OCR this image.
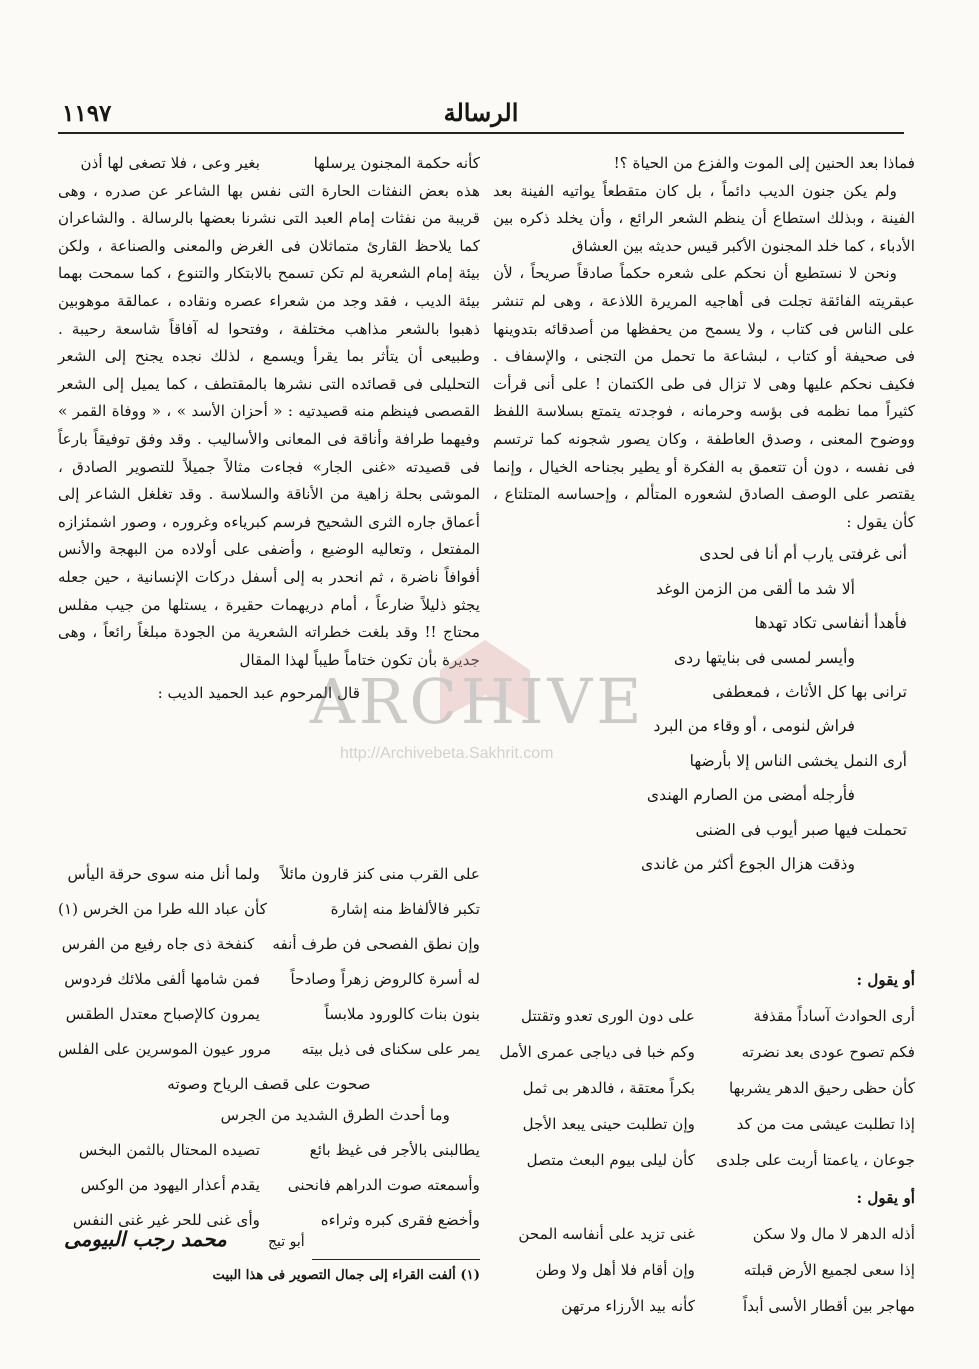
١١٩٧	الرسالة

فماذا بعد الحنين إلى الموت والفزع من الحياة ؟!

ولم يكن جنون الديب دائماً ، بل كان متقطعاً يواتيه الفينة بعد الفينة ، وبذلك استطاع أن ينظم الشعر الرائع ، وأن يخلد ذكره بين الأدباء ، كما خلد المجنون الأكبر قيس حديثه بين العشاق

ونحن لا نستطيع أن نحكم على شعره حكماً صادقاً صريحاً ، لأن عبقريته الفائقة تجلت فى أهاجيه المريرة اللاذعة ، وهى لم تنشر على الناس فى كتاب ، ولا يسمح من يحفظها من أصدقائه بتدوينها فى صحيفة أو كتاب ، لبشاعة ما تحمل من التجنى ، والإسفاف . فكيف نحكم عليها وهى لا تزال فى طى الكتمان ! على أنى قرأت كثيراً مما نظمه فى بؤسه وحرمانه ، فوجدته يتمتع بسلاسة اللفظ ووضوح المعنى ، وصدق العاطفة ، وكان يصور شجونه كما ترتسم فى نفسه ، دون أن تتعمق به الفكرة أو يطير بجناحه الخيال ، وإنما يقتصر على الوصف الصادق لشعوره المتألم ، وإحساسه المتلتاع ، كأن يقول :

أنى غرفتى يارب أم أنا فى لحدى
ألا شد ما ألقى من الزمن الوغد
فأهدأ أنفاسى تكاد تهدها
وأيسر لمسى فى بنايتها ردى
ترانى بها كل الأثاث ، فمعطفى
فراش لنومى ، أو وقاء من البرد
أرى النمل يخشى الناس إلا بأرضها
فأرجله أمضى من الصارم الهندى
تحملت فيها صبر أيوب فى الضنى
وذقت هزال الجوع أكثر من غاندى
أو يقول :
أرى الحوادث آساداً مقذفة
على دون الورى تعدو وتقتتل
فكم تصوح عودى بعد نضرته
وكم خبا فى دياجى عمرى الأمل
كأن حظى رحيق الدهر يشربها
بكراً معتقة ، فالدهر بى ثمل
إذا تطلبت عيشى مت من كد
وإن تطلبت حينى يبعد الأجل
جوعان ، ياعمتا أربت على جلدى
كأن ليلى بيوم البعث متصل
أو يقول :
أذله الدهر لا مال ولا سكن
غنى تزيد على أنفاسه المحن
إذا سعى لجميع الأرض قبلته
وإن أقام فلا أهل ولا وطن
مهاجر بين أقطار الأسى أبداً
كأنه بيد الأرزاء مرتهن
كأنه حكمة المجنون يرسلها
بغير وعى ، فلا تصغى لها أذن

هذه بعض النفثات الحارة التى نفس بها الشاعر عن صدره ، وهى قريبة من نفثات إمام العبد التى نشرنا بعضها بالرسالة . والشاعران كما يلاحظ القارئ متماثلان فى الغرض والمعنى والصناعة ، ولكن بيئة إمام الشعرية لم تكن تسمح بالابتكار والتنوع ، كما سمحت بهما بيئة الديب ، فقد وجد من شعراء عصره ونقاده ، عمالقة موهوبين ذهبوا بالشعر مذاهب مختلفة ، وفتحوا له آفاقاً شاسعة رحيبة . وطبيعى أن يتأثر بما يقرأ ويسمع ، لذلك نجده يجنح إلى الشعر التحليلى فى قصائده التى نشرها بالمقتطف ، كما يميل إلى الشعر القصصى فينظم منه قصيدتيه : « أحزان الأسد » ، « ووفاة القمر » وفيهما طرافة وأناقة فى المعانى والأساليب . وقد وفق توفيقاً بارعاً فى قصيدته «غنى الجار» فجاءت مثالاً جميلاً للتصوير الصادق ، الموشى بحلة زاهية من الأناقة والسلاسة . وقد تغلغل الشاعر إلى أعماق جاره الثرى الشحيح فرسم كبرياءه وغروره ، وصور اشمئزازه المفتعل ، وتعاليه الوضيع ، وأضفى على أولاده من البهجة والأنس أفوافاً ناضرة ، ثم انحدر به إلى أسفل دركات الإنسانية ، حين جعله يجثو ذليلاً ضارعاً ، أمام دريهمات حقيرة ، يستلها من جيب مفلس محتاج !! وقد بلغت خطراته الشعرية من الجودة مبلغاً رائعاً ، وهى جديرة بأن تكون ختاماً طيباً لهذا المقال

قال المرحوم عبد الحميد الديب :
على القرب منى كنز قارون مائلاً
ولما أنل منه سوى حرقة اليأس
تكبر فالألفاظ منه إشارة
كأن عباد الله طرا من الخرس (١)
وإن نطق الفصحى فن طرف أنفه
كنفخة ذى جاه رفيع من الفرس
له أسرة كالروض زهراً وصادحاً
فمن شامها ألفى ملائك فردوس
بنون بنات كالورود ملابساً
يمرون كالإصباح معتدل الطقس
يمر على سكناى فى ذيل بيته
مرور عيون الموسرين على الفلس
صحوت على قصف الرياح وصوته
وما أحدث الطرق الشديد من الجرس
يطالبنى بالأجر فى غيظ بائع
تصيده المحتال بالثمن البخس
وأسمعته صوت الدراهم فانحنى
يقدم أعذار اليهود من الوكس
وأخضع فقرى كبره وثراءه
وأى غنى للحر غير غنى النفس
أبو تيج
محمد رجب البيومى
(١) ألفت القراء إلى جمال التصوير فى هذا البيت
ARCHIVE
http://Archivebeta.Sakhrit.com
